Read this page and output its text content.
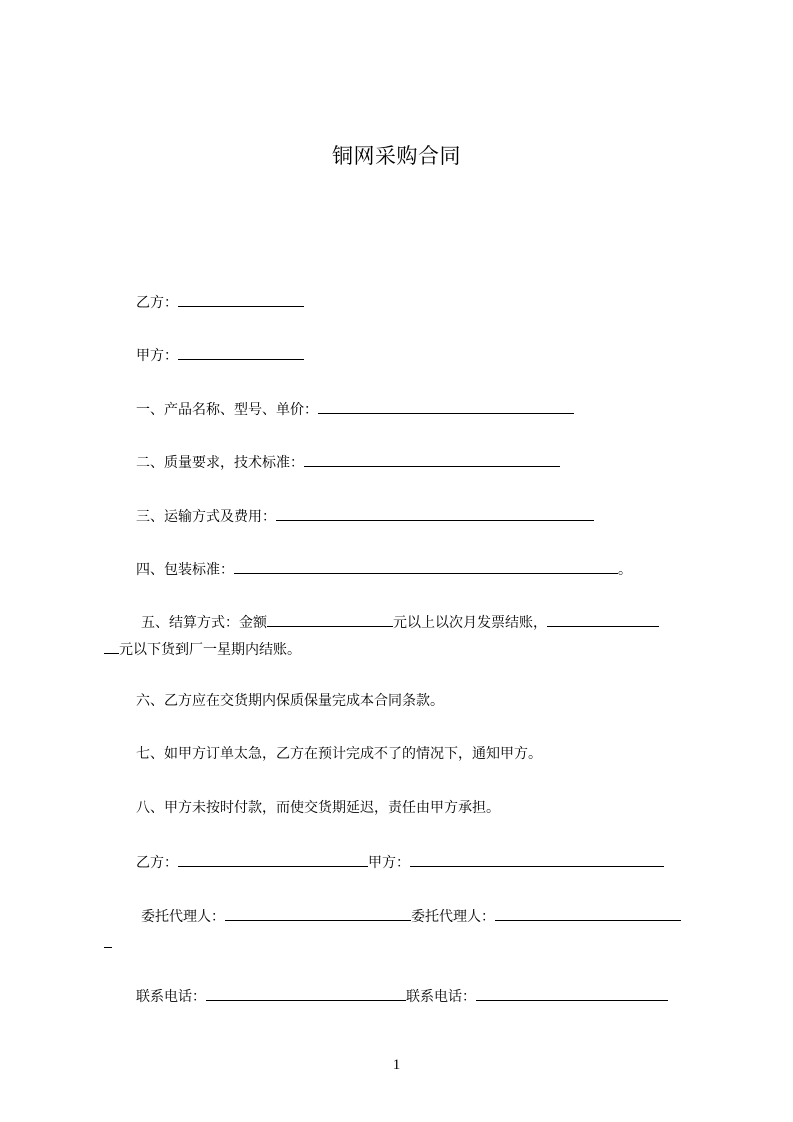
铜网采购合同
乙方：
甲方：
一、产品名称、型号、单价：
二、质量要求，技术标准：
三、运输方式及费用：
四、包装标准：	。
五、结算方式：金额	元以上以次月发票结账，
元以下货到厂一星期内结账。
六、乙方应在交货期内保质保量完成本合同条款。
七、如甲方订单太急，乙方在预计完成不了的情况下，通知甲方。
八、甲方未按时付款，而使交货期延迟，责任由甲方承担。
乙方：	甲方：
委托代理人：	委托代理人：
联系电话：	联系电话：
1
